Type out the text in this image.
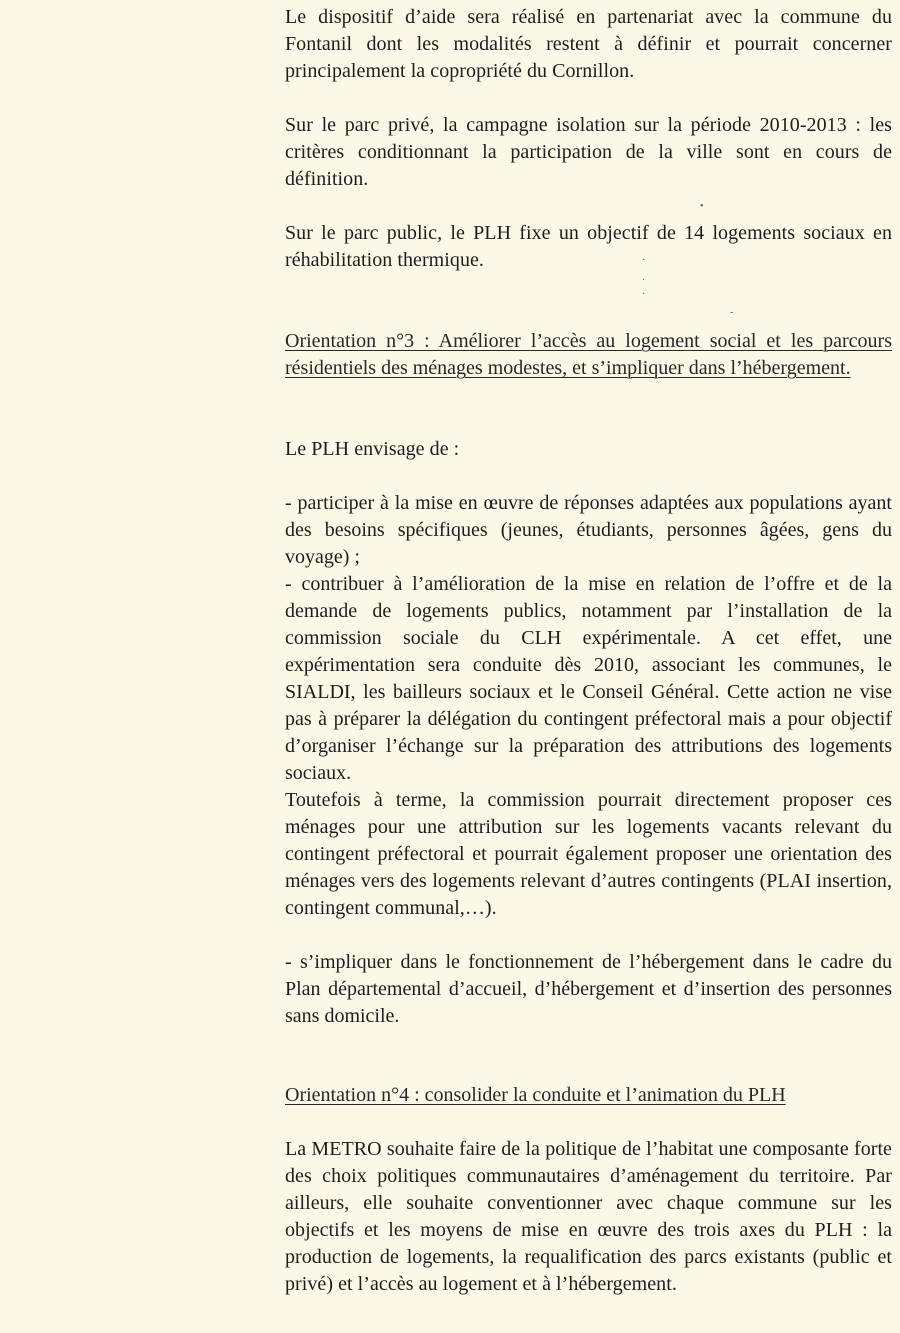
Le dispositif d’aide sera réalisé en partenariat avec la commune du Fontanil dont les modalités restent à définir et pourrait concerner principalement la copropriété du Cornillon.

Sur le parc privé, la campagne isolation sur la période 2010-2013 : les critères conditionnant la participation de la ville sont en cours de définition.

Sur le parc public, le PLH fixe un objectif de 14 logements sociaux en réhabilitation thermique.

•
·
·
·
-

Orientation n°3 : Améliorer l’accès au logement social et les parcours résidentiels des ménages modestes, et s’impliquer dans l’hébergement.

Le PLH envisage de :

- participer à la mise en œuvre de réponses adaptées aux populations ayant des besoins spécifiques (jeunes, étudiants, personnes âgées, gens du voyage) ;

- contribuer à l’amélioration de la mise en relation de l’offre et de la demande de logements publics, notamment par l’installation de la commission sociale du CLH expérimentale. A cet effet, une expérimentation sera conduite dès 2010, associant les communes, le SIALDI, les bailleurs sociaux et le Conseil Général. Cette action ne vise pas à préparer la délégation du contingent préfectoral mais a pour objectif d’organiser l’échange sur la préparation des attributions des logements sociaux.

Toutefois à terme, la commission pourrait directement proposer ces ménages pour une attribution sur les logements vacants relevant du contingent préfectoral et pourrait également proposer une orientation des ménages vers des logements relevant d’autres contingents (PLAI insertion, contingent communal,…).

- s’impliquer dans le fonctionnement de l’hébergement dans le cadre du Plan départemental d’accueil, d’hébergement et d’insertion des personnes sans domicile.

Orientation n°4 : consolider la conduite et l’animation du PLH

La METRO souhaite faire de la politique de l’habitat une composante forte des choix politiques communautaires d’aménagement du territoire. Par ailleurs, elle souhaite conventionner avec chaque commune sur les objectifs et les moyens de mise en œuvre des trois axes du PLH : la production de logements, la requalification des parcs existants (public et privé) et l’accès au logement et à l’hébergement.
